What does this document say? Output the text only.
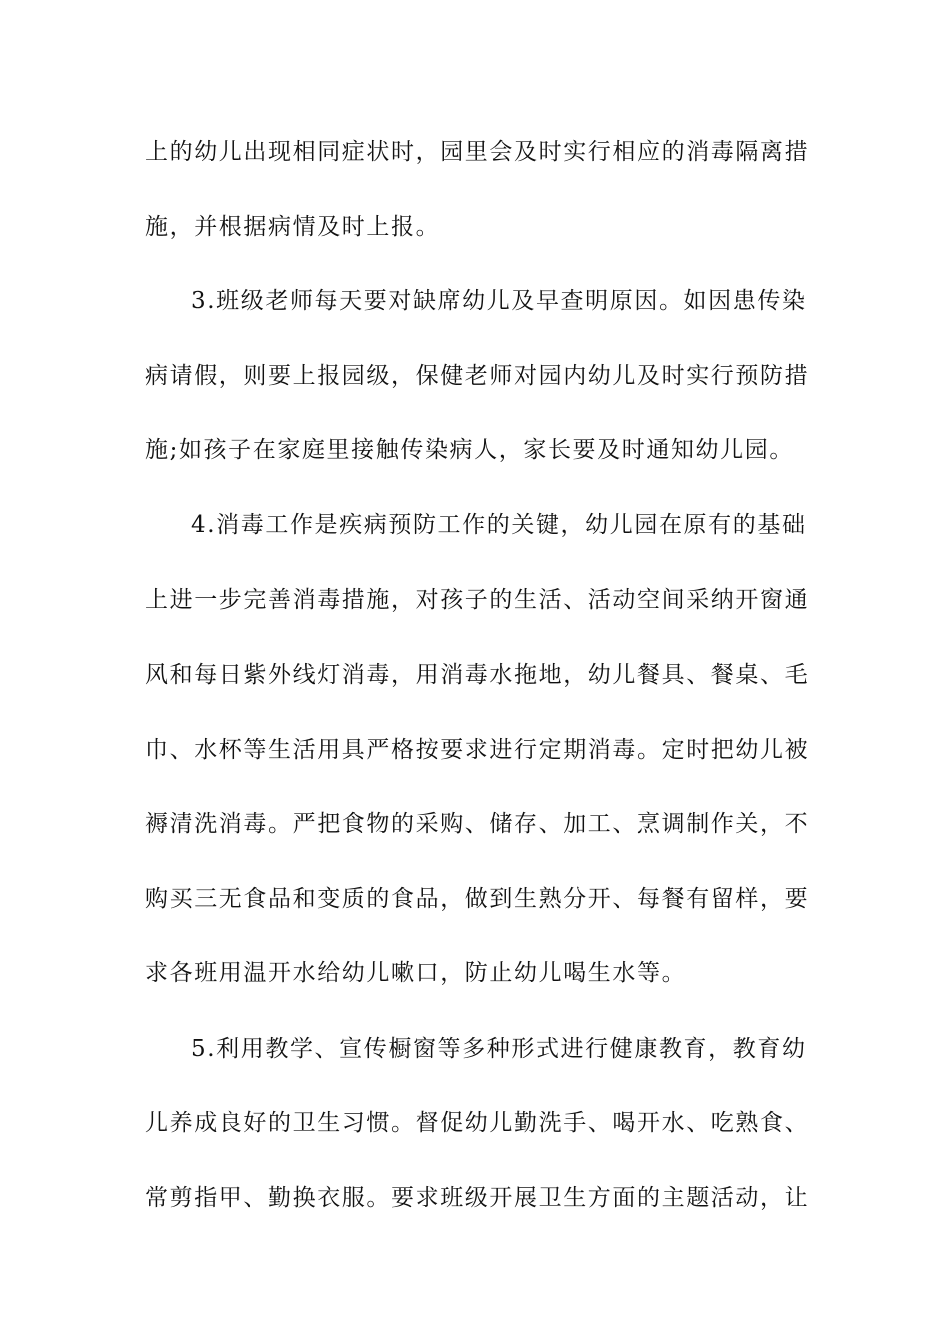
上的幼儿出现相同症状时，园里会及时实行相应的消毒隔离措
施，并根据病情及时上报。
3.班级老师每天要对缺席幼儿及早查明原因。如因患传染
病请假，则要上报园级，保健老师对园内幼儿及时实行预防措
施;如孩子在家庭里接触传染病人，家长要及时通知幼儿园。
4.消毒工作是疾病预防工作的关键，幼儿园在原有的基础
上进一步完善消毒措施，对孩子的生活、活动空间采纳开窗通
风和每日紫外线灯消毒，用消毒水拖地，幼儿餐具、餐桌、毛
巾、水杯等生活用具严格按要求进行定期消毒。定时把幼儿被
褥清洗消毒。严把食物的采购、储存、加工、烹调制作关，不
购买三无食品和变质的食品，做到生熟分开、每餐有留样，要
求各班用温开水给幼儿嗽口，防止幼儿喝生水等。
5.利用教学、宣传橱窗等多种形式进行健康教育，教育幼
儿养成良好的卫生习惯。督促幼儿勤洗手、喝开水、吃熟食、
常剪指甲、勤换衣服。要求班级开展卫生方面的主题活动，让
